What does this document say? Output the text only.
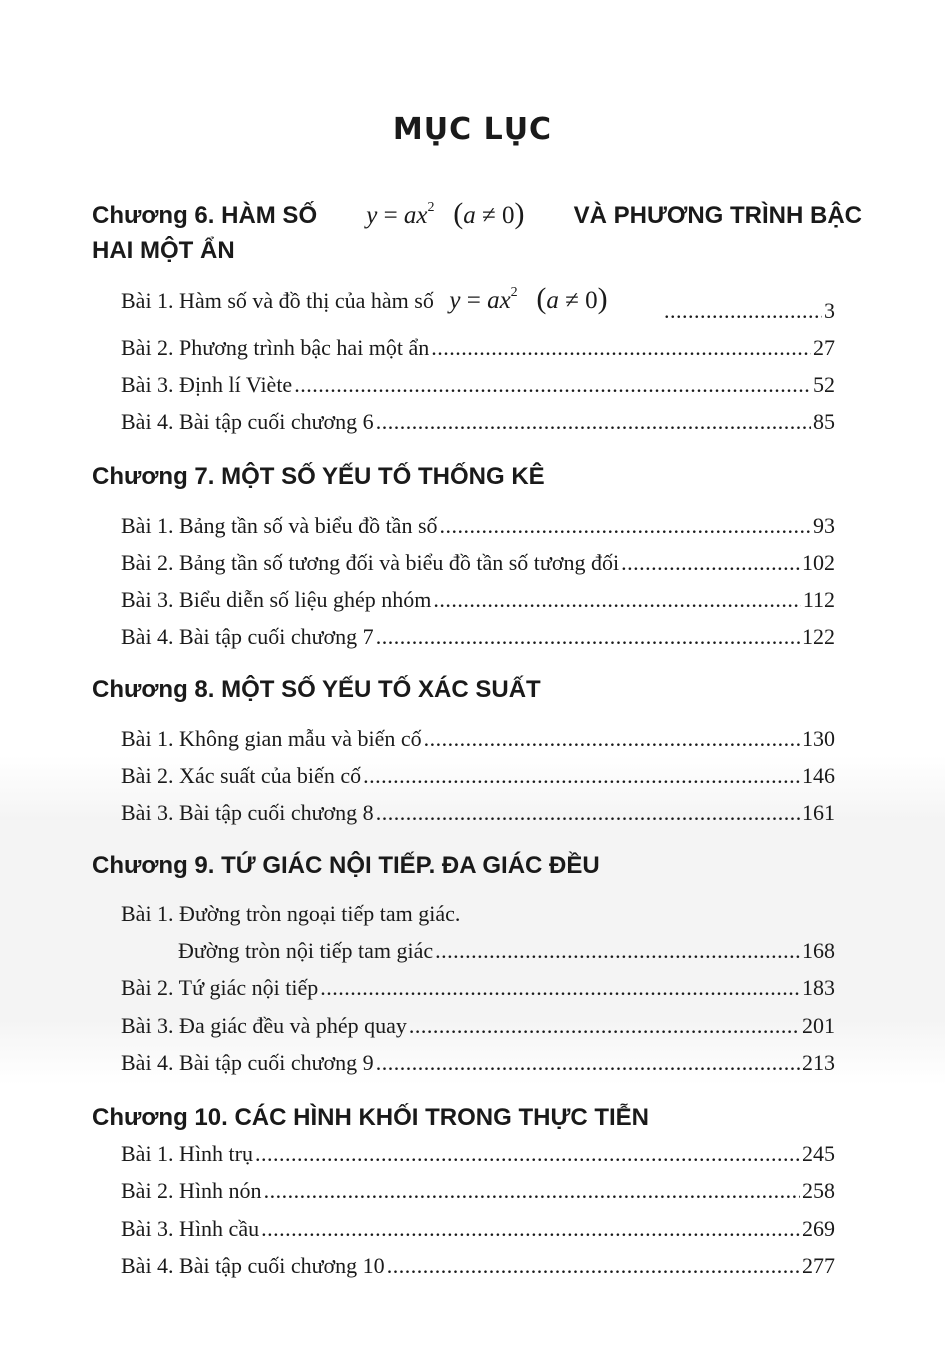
MỤC LỤC
Chương 6. HÀM SỐ $y = ax^2$ (a ≠ 0) VÀ PHƯƠNG TRÌNH BẬC
HAI MỘT ẨN
Bài 1. Hàm số và đồ thị của hàm số $y = ax^2$ (a ≠ 0) .....	3
Bài 2. Phương trình bậc hai một ẩn .....	27
Bài 3. Định lí Viète .....	52
Bài 4. Bài tập cuối chương 6 .....	85
Chương 7. MỘT SỐ YẾU TỐ THỐNG KÊ
Bài 1. Bảng tần số và biểu đồ tần số .....	93
Bài 2. Bảng tần số tương đối và biểu đồ tần số tương đối .....	102
Bài 3. Biểu diễn số liệu ghép nhóm .....	112
Bài 4. Bài tập cuối chương 7 .....	122
Chương 8. MỘT SỐ YẾU TỐ XÁC SUẤT
Bài 1. Không gian mẫu và biến cố .....	130
Bài 2. Xác suất của biến cố .....	146
Bài 3. Bài tập cuối chương 8 .....	161
Chương 9. TỨ GIÁC NỘI TIẾP. ĐA GIÁC ĐỀU
Bài 1. Đường tròn ngoại tiếp tam giác.
Đường tròn nội tiếp tam giác .....	168
Bài 2. Tứ giác nội tiếp .....	183
Bài 3. Đa giác đều và phép quay .....	201
Bài 4. Bài tập cuối chương 9 .....	213
Chương 10. CÁC HÌNH KHỐI TRONG THỰC TIỄN
Bài 1. Hình trụ .....	245
Bài 2. Hình nón .....	258
Bài 3. Hình cầu .....	269
Bài 4. Bài tập cuối chương 10 .....	277
